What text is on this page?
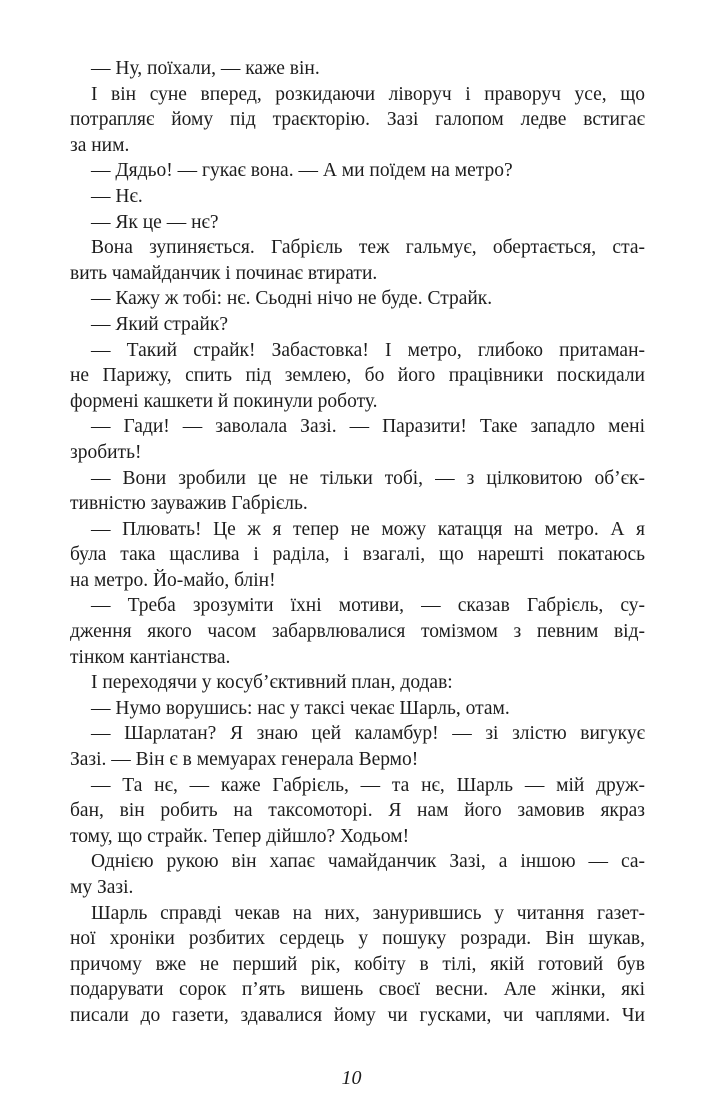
— Ну, поїхали, — каже він.
І він суне вперед, розкидаючи ліворуч і праворуч усе, що
потрапляє йому під траєкторію. Зазі галопом ледве встигає
за ним.
— Дядьо! — гукає вона. — А ми поїдем на метро?
— Нє.
— Як це — нє?
Вона зупиняється. Габрієль теж гальмує, обертається, ста-
вить чамайданчик і починає втирати.
— Кажу ж тобі: нє. Сьодні нічо не буде. Страйк.
— Який страйк?
— Такий страйк! Забастовка! І метро, глибоко притаман-
не Парижу, спить під землею, бо його працівники поскидали
формені кашкети й покинули роботу.
— Гади! — заволала Зазі. — Паразити! Таке западло мені
зробить!
— Вони зробили це не тільки тобі, — з цілковитою об’єк-
тивністю зауважив Габрієль.
— Плювать! Це ж я тепер не можу катацця на метро. А я
була така щаслива і раділа, і взагалі, що нарешті покатаюсь
на метро. Йо-майо, блін!
— Треба зрозуміти їхні мотиви, — сказав Габрієль, су-
дження якого часом забарвлювалися томізмом з певним від-
тінком кантіанства.
І переходячи у косуб’єктивний план, додав:
— Нумо ворушись: нас у таксі чекає Шарль, отам.
— Шарлатан? Я знаю цей каламбур! — зі злістю вигукує
Зазі. — Він є в мемуарах генерала Вермо!
— Та нє, — каже Габрієль, — та нє, Шарль — мій друж-
бан, він робить на таксомоторі. Я нам його замовив якраз
тому, що страйк. Тепер дійшло? Ходьом!
Однією рукою він хапає чамайданчик Зазі, а іншою — са-
му Зазі.
Шарль справді чекав на них, занурившись у читання газет-
ної хроніки розбитих сердець у пошуку розради. Він шукав,
причому вже не перший рік, кобіту в тілі, якій готовий був
подарувати сорок п’ять вишень своєї весни. Але жінки, які
писали до газети, здавалися йому чи гусками, чи чаплями. Чи
10
